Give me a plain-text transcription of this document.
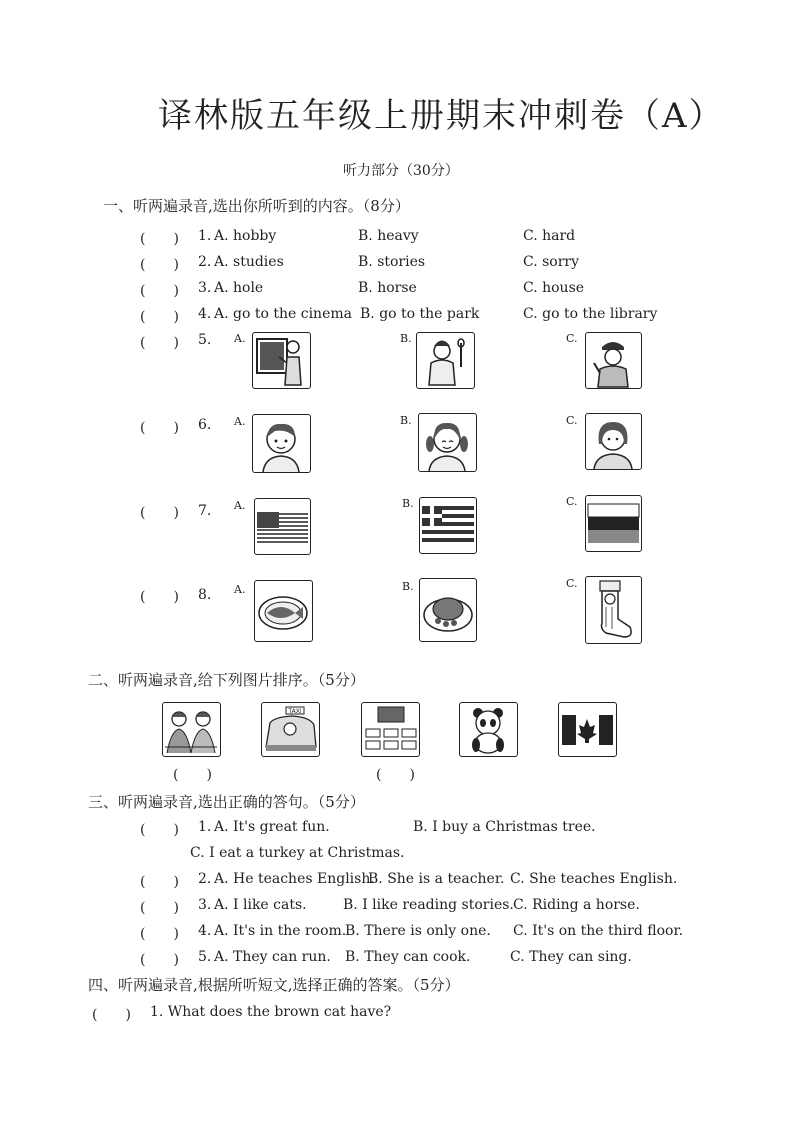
译林版五年级上册期末冲刺卷（A）
听力部分（30分）
一、听两遍录音,选出你所听到的内容。（8分）
(　　) 1. A. hobby	B. heavy	C. hard
(　　) 2. A. studies	B. stories	C. sorry
(　　) 3. A. hole	B. horse	C. house
(　　) 4. A. go to the cinema B. go to the park	C. go to the library
(　　) 5. A.	B.	C.
(　　) 6. A.	B.	C.
(　　) 7. A.	B.	C.
(　　) 8. A.	B.	C.
二、听两遍录音,给下列图片排序。（5分）
TAXI
(　　)	(　　)
三、听两遍录音,选出正确的答句。（5分）
(　　) 1. A. It's great fun.	B. I buy a Christmas tree.
C. I eat a turkey at Christmas.
(　　) 2. A. He teaches English.
B. She is a teacher. C. She teaches English.
(　　) 3. A. I like cats.	B. I like reading stories. C. Riding a horse.
(　　) 4. A. It's in the room.
B. There is only one. C. It's on the third floor.
(　　) 5. A. They can run. B. They can cook.	C. They can sing.
四、听两遍录音,根据所听短文,选择正确的答案。（5分）
(　　) 1. What does the brown cat have?
